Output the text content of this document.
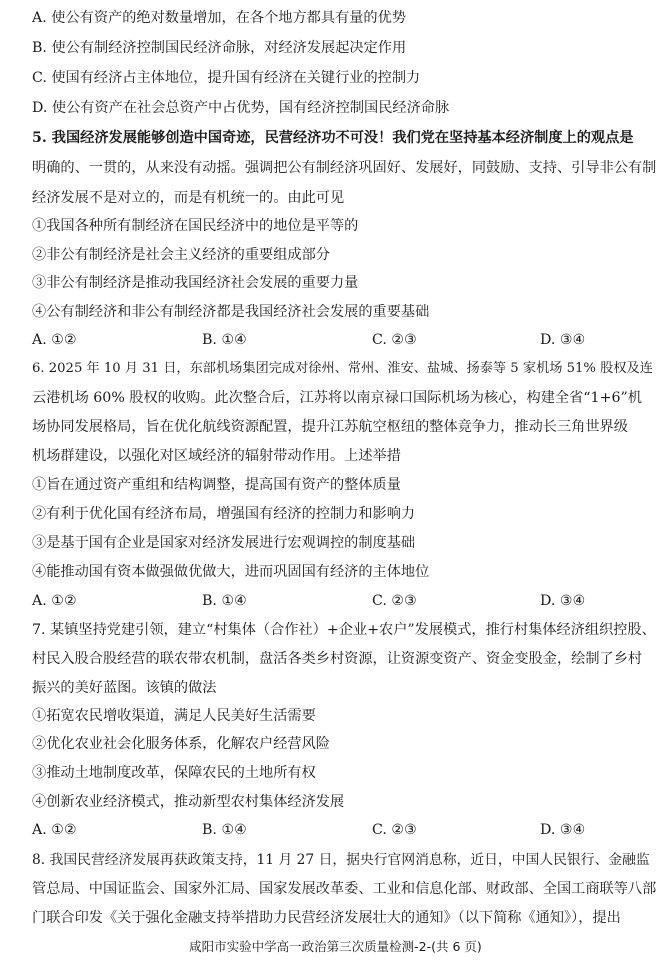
A. 使公有资产的绝对数量增加，在各个地方都具有量的优势
B. 使公有制经济控制国民经济命脉，对经济发展起决定作用
C. 使国有经济占主体地位，提升国有经济在关键行业的控制力
D. 使公有资产在社会总资产中占优势，国有经济控制国民经济命脉
5. 我国经济发展能够创造中国奇迹，民营经济功不可没！我们党在坚持基本经济制度上的观点是
明确的、一贯的，从来没有动摇。强调把公有制经济巩固好、发展好，同鼓励、支持、引导非公有制
经济发展不是对立的，而是有机统一的。由此可见
①我国各种所有制经济在国民经济中的地位是平等的
②非公有制经济是社会主义经济的重要组成部分
③非公有制经济是推动我国经济社会发展的重要力量
④公有制经济和非公有制经济都是我国经济社会发展的重要基础
A. ①②	B. ①④	C. ②③	D. ③④
6. 2025 年 10 月 31 日，东部机场集团完成对徐州、常州、淮安、盐城、扬泰等 5 家机场 51% 股权及连
云港机场 60% 股权的收购。此次整合后，江苏将以南京禄口国际机场为核心，构建全省“1+6”机
场协同发展格局，旨在优化航线资源配置，提升江苏航空枢纽的整体竞争力，推动长三角世界级
机场群建设，以强化对区域经济的辐射带动作用。上述举措
①旨在通过资产重组和结构调整，提高国有资产的整体质量
②有利于优化国有经济布局，增强国有经济的控制力和影响力
③是基于国有企业是国家对经济发展进行宏观调控的制度基础
④能推动国有资本做强做优做大，进而巩固国有经济的主体地位
A. ①②	B. ①④	C. ②③	D. ③④
7. 某镇坚持党建引领，建立“村集体（合作社）+企业+农户”发展模式，推行村集体经济组织控股、
村民入股合股经营的联农带农机制，盘活各类乡村资源，让资源变资产、资金变股金，绘制了乡村
振兴的美好蓝图。该镇的做法
①拓宽农民增收渠道，满足人民美好生活需要
②优化农业社会化服务体系，化解农户经营风险
③推动土地制度改革，保障农民的土地所有权
④创新农业经济模式，推动新型农村集体经济发展
A. ①②	B. ①④	C. ②③	D. ③④
8. 我国民营经济发展再获政策支持，11 月 27 日，据央行官网消息称，近日，中国人民银行、金融监
管总局、中国证监会、国家外汇局、国家发展改革委、工业和信息化部、财政部、全国工商联等八部
门联合印发《关于强化金融支持举措助力民营经济发展壮大的通知》（以下简称《通知》），提出
咸阳市实验中学高一政治第三次质量检测-2-(共 6 页)
